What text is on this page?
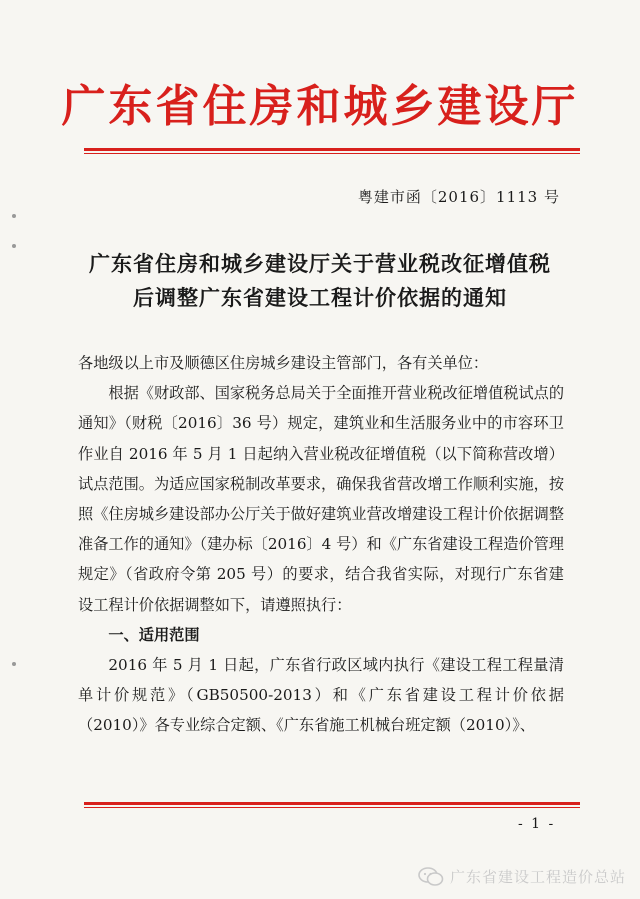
广东省住房和城乡建设厅
粤建市函〔2016〕1113 号
广东省住房和城乡建设厅关于营业税改征增值税
后调整广东省建设工程计价依据的通知

各地级以上市及顺德区住房城乡建设主管部门，各有关单位：

根据《财政部、国家税务总局关于全面推开营业税改征增值税试点的通知》（财税〔2016〕36 号）规定，建筑业和生活服务业中的市容环卫作业自 2016 年 5 月 1 日起纳入营业税改征增值税（以下简称营改增）试点范围。为适应国家税制改革要求，确保我省营改增工作顺利实施，按照《住房城乡建设部办公厅关于做好建筑业营改增建设工程计价依据调整准备工作的通知》（建办标〔2016〕4 号）和《广东省建设工程造价管理规定》（省政府令第 205 号）的要求，结合我省实际，对现行广东省建设工程计价依据调整如下，请遵照执行：

一、适用范围

2016 年 5 月 1 日起，广东省行政区域内执行《建设工程工程量清单计价规范》（GB50500-2013）和《广东省建设工程计价依据（2010）》各专业综合定额、《广东省施工机械台班定额（2010）》、

- 1 -
广东省建设工程造价总站
